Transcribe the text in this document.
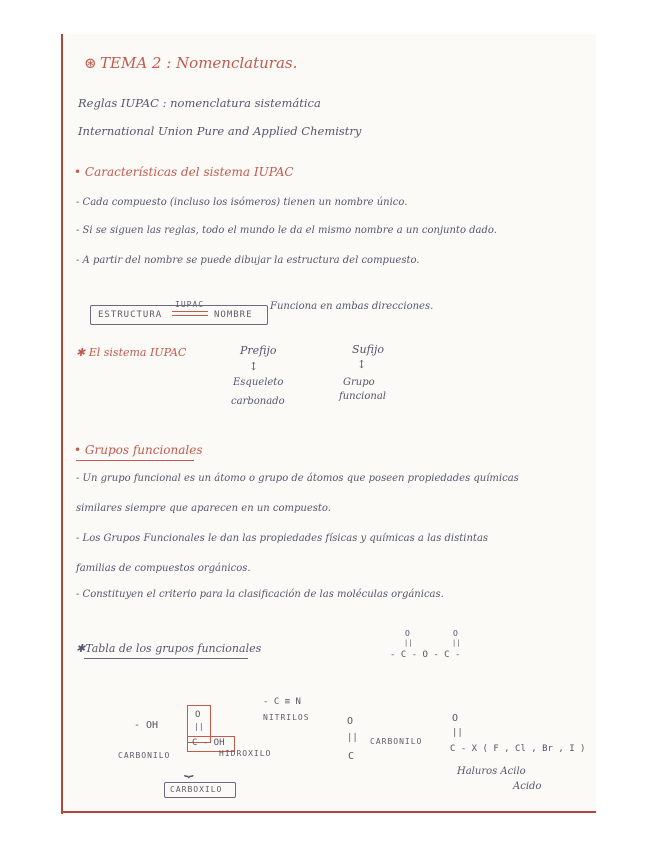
⊛ TEMA 2 : Nomenclaturas.
Reglas IUPAC : nomenclatura sistemática
International Union Pure and Applied Chemistry
• Características del sistema IUPAC
- Cada compuesto (incluso los isómeros) tienen un nombre único.
- Si se siguen las reglas, todo el mundo le da el mismo nombre a un conjunto dado.
- A partir del nombre se puede dibujar la estructura del compuesto.
ESTRUCTURA
IUPAC
NOMBRE
Funciona en ambas direcciones.
✱ El sistema IUPAC	Prefijo
↕
Esqueleto
carbonado
Sufijo
↕
Grupo
funcional
• Grupos funcionales
- Un grupo funcional es un átomo o grupo de átomos que poseen propiedades químicas
similares siempre que aparecen en un compuesto.
- Los Grupos Funcionales le dan las propiedades físicas y químicas a las distintas
familias de compuestos orgánicos.
- Constituyen el criterio para la clasificación de las moléculas orgánicas.
✱Tabla de los grupos funcionales
O	O
||	||
- C - O - C -
- OH
O
||
C - OH
CARBONILO	HIDROXILO
⏟
CARBOXILO
- C ≡ N
NITRILOS	O
||
C
CARBONILO
O
||
C - X ( F , Cl , Br , I )
Haluros Acilo
Acido
